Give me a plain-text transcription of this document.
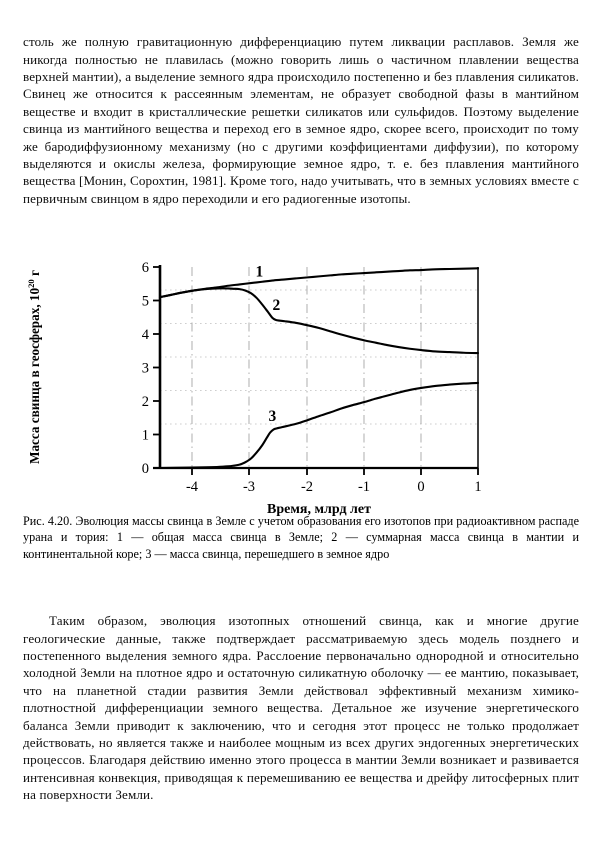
столь же полную гравитационную дифференциацию путем ликвации расплавов. Земля же никогда полностью не плавилась (можно говорить лишь о частичном плавлении вещества верхней мантии), а выделение земного ядра происходило постепенно и без плавления силикатов. Свинец же относится к рассеянным элементам, не образует свободной фазы в мантийном веществе и входит в кристаллические решетки силикатов или сульфидов. Поэтому выделение свинца из мантийного вещества и переход его в земное ядро, скорее всего, происходит по тому же бародиффузионному механизму (но с другими коэффициентами диффузии), по которому выделяются и окислы железа, формирующие земное ядро, т. е. без плавления мантийного вещества [Монин, Сорохтин, 1981]. Кроме того, надо учитывать, что в земных условиях вместе с первичным свинцом в ядро переходили и его радиогенные изотопы.

6
5
4
3
2
1
0
-4	-3	-2	-1	0	1
Время, млрд лет
Масса свинца в геосферах, $10^{20}$ г	1
2
3
Рис. 4.20. Эволюция массы свинца в Земле с учетом образования его изотопов при радиоактивном распаде урана и тория: 1 — общая масса свинца в Земле; 2 — суммарная масса свинца в мантии и континентальной коре; 3 — масса свинца, перешедшего в земное ядро

Таким образом, эволюция изотопных отношений свинца, как и многие другие геологические данные, также подтверждает рассматриваемую здесь модель позднего и постепенного выделения земного ядра. Расслоение первоначально однородной и относительно холодной Земли на плотное ядро и остаточную силикатную оболочку — ее мантию, показывает, что на планетной стадии развития Земли действовал эффективный механизм химико-плотностной дифференциации земного вещества. Детальное же изучение энергетического баланса Земли приводит к заключению, что и сегодня этот процесс не только продолжает действовать, но является также и наиболее мощным из всех других эндогенных энергетических процессов. Благодаря действию именно этого процесса в мантии Земли возникает и развивается интенсивная конвекция, приводящая к перемешиванию ее вещества и дрейфу литосферных плит на поверхности Земли.
